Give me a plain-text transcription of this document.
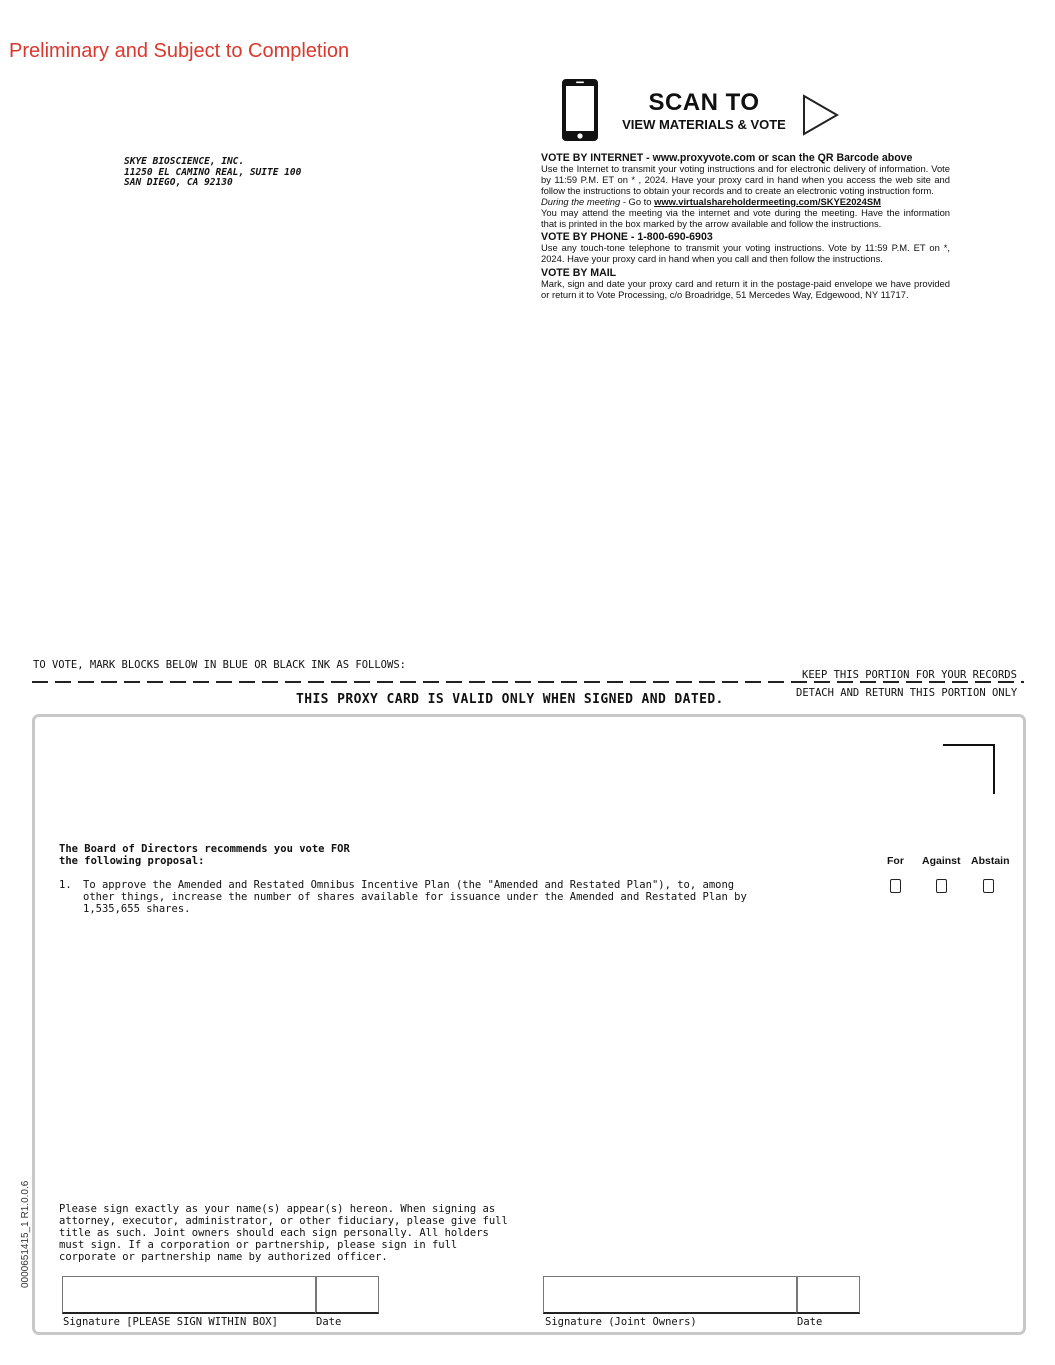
Preliminary and Subject to Completion
SKYE BIOSCIENCE, INC.
11250 EL CAMINO REAL, SUITE 100
SAN DIEGO, CA 92130
SCAN TO
VIEW MATERIALS & VOTE
VOTE BY INTERNET - www.proxyvote.com or scan the QR Barcode above
Use the Internet to transmit your voting instructions and for electronic delivery of information. Vote by 11:59 P.M. ET on * , 2024. Have your proxy card in hand when you access the web site and follow the instructions to obtain your records and to create an electronic voting instruction form.
During the meeting - Go to www.virtualshareholdermeeting.com/SKYE2024SM
You may attend the meeting via the internet and vote during the meeting. Have the information that is printed in the box marked by the arrow available and follow the instructions.
VOTE BY PHONE - 1-800-690-6903
Use any touch-tone telephone to transmit your voting instructions. Vote by 11:59 P.M. ET on *, 2024. Have your proxy card in hand when you call and then follow the instructions.
VOTE BY MAIL
Mark, sign and date your proxy card and return it in the postage-paid envelope we have provided or return it to Vote Processing, c/o Broadridge, 51 Mercedes Way, Edgewood, NY 11717.
TO VOTE, MARK BLOCKS BELOW IN BLUE OR BLACK INK AS FOLLOWS:
KEEP THIS PORTION FOR YOUR RECORDS
DETACH AND RETURN THIS PORTION ONLY
THIS PROXY CARD IS VALID ONLY WHEN SIGNED AND DATED.
The Board of Directors recommends you vote FOR
the following proposal:	For Against Abstain
1. To approve the Amended and Restated Omnibus Incentive Plan (the "Amended and Restated Plan"), to, among other things, increase the number of shares available for issuance under the Amended and Restated Plan by 1,535,655 shares.
Please sign exactly as your name(s) appear(s) hereon. When signing as attorney, executor, administrator, or other fiduciary, please give full title as such. Joint owners should each sign personally. All holders must sign. If a corporation or partnership, please sign in full corporate or partnership name by authorized officer.
Signature [PLEASE SIGN WITHIN BOX]	Date	Signature (Joint Owners)	Date
0000651415_1 R1.0.0.6
